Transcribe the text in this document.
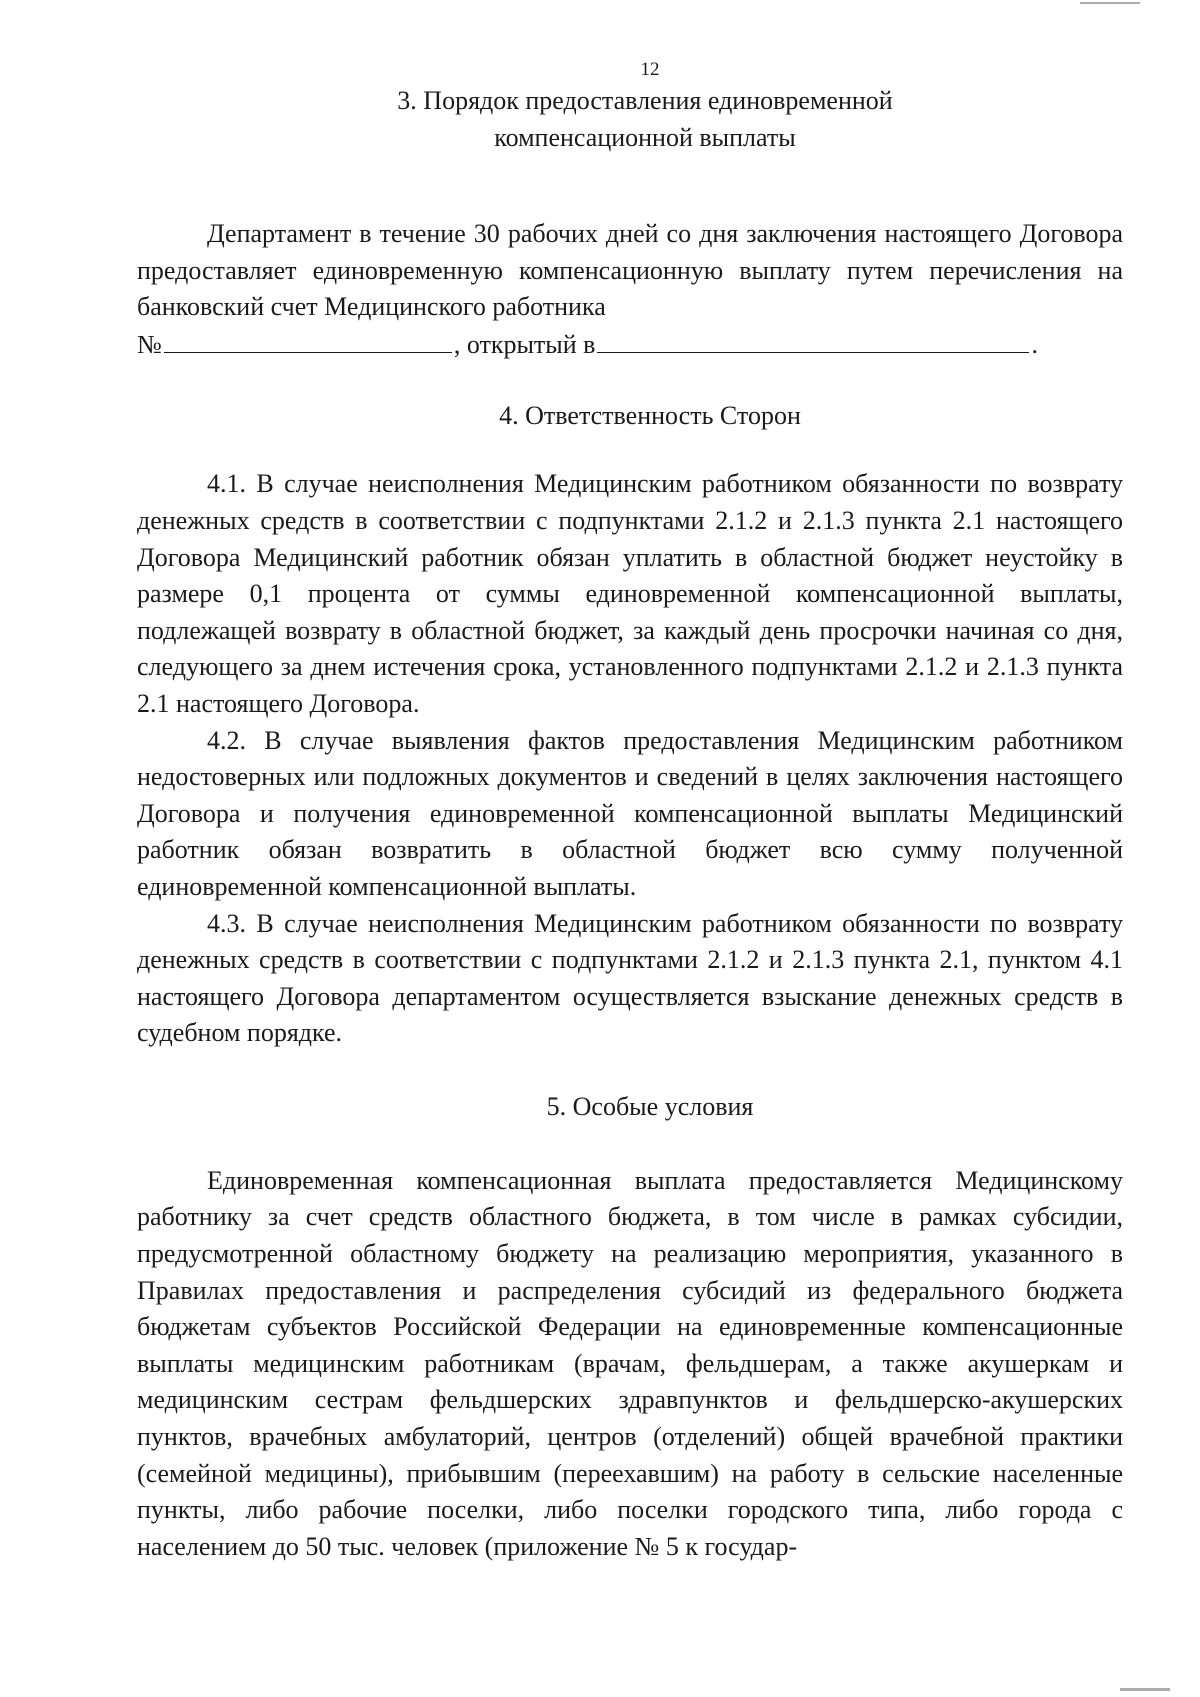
12
3. Порядок предоставления единовременной
компенсационной выплаты

Департамент в течение 30 рабочих дней со дня заключения настоящего Договора предоставляет единовременную компенсационную выплату путем перечисления на банковский счет Медицинского работника

№	, открытый в	.
4. Ответственность Сторон

4.1. В случае неисполнения Медицинским работником обязанности по возврату денежных средств в соответствии с подпунктами 2.1.2 и 2.1.3 пункта 2.1 настоящего Договора Медицинский работник обязан уплатить в областной бюджет неустойку в размере 0,1 процента от суммы единовременной компенсационной выплаты, подлежащей возврату в областной бюджет, за каждый день просрочки начиная со дня, следующего за днем истечения срока, установленного подпунктами 2.1.2 и 2.1.3 пункта 2.1 настоящего Договора.

4.2. В случае выявления фактов предоставления Медицинским работником недостоверных или подложных документов и сведений в целях заключения настоящего Договора и получения единовременной компенсационной выплаты Медицинский работник обязан возвратить в областной бюджет всю сумму полученной единовременной компенсационной выплаты.

4.3. В случае неисполнения Медицинским работником обязанности по возврату денежных средств в соответствии с подпунктами 2.1.2 и 2.1.3 пункта 2.1, пунктом 4.1 настоящего Договора департаментом осуществляется взыскание денежных средств в судебном порядке.

5. Особые условия

Единовременная компенсационная выплата предоставляется Медицинскому работнику за счет средств областного бюджета, в том числе в рамках субсидии, предусмотренной областному бюджету на реализацию мероприятия, указанного в Правилах предоставления и распределения субсидий из федерального бюджета бюджетам субъектов Российской Федерации на единовременные компенсационные выплаты медицинским работникам (врачам, фельдшерам, а также акушеркам и медицинским сестрам фельдшерских здравпунктов и фельдшерско-акушерских пунктов, врачебных амбулаторий, центров (отделений) общей врачебной практики (семейной медицины), прибывшим (переехавшим) на работу в сельские населенные пункты, либо рабочие поселки, либо поселки городского типа, либо города с населением до 50 тыс. человек (приложение № 5 к государ-
